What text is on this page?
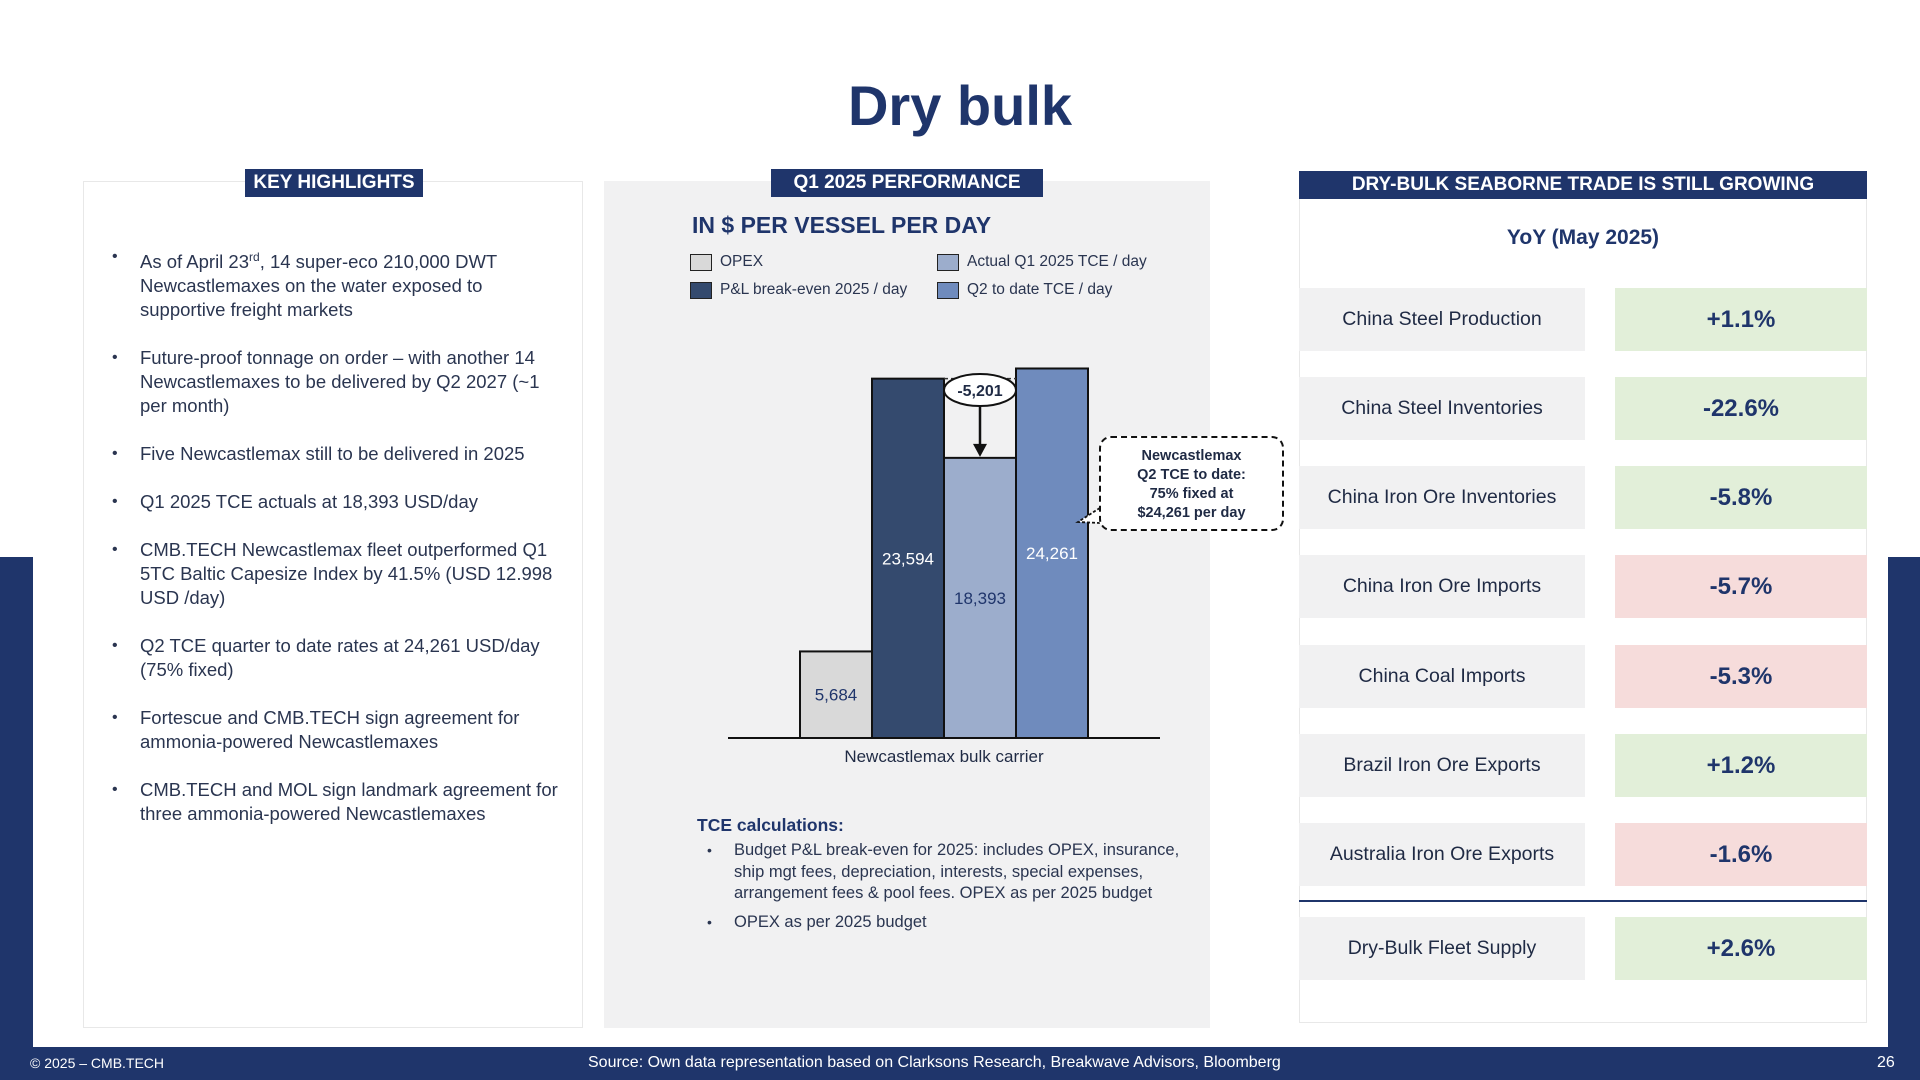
Dry bulk
KEY HIGHLIGHTS
• As of April 23rd, 14 super-eco 210,000 DWT Newcastlemaxes on the water exposed to supportive freight markets
• Future-proof tonnage on order – with another 14 Newcastlemaxes to be delivered by Q2 2027 (~1 per month)
• Five Newcastlemax still to be delivered in 2025
• Q1 2025 TCE actuals at 18,393 USD/day
• CMB.TECH Newcastlemax fleet outperformed Q1 5TC Baltic Capesize Index by 41.5% (USD 12.998 USD /day)
• Q2 TCE quarter to date rates at 24,261 USD/day (75% fixed)
• Fortescue and CMB.TECH sign agreement for ammonia-powered Newcastlemaxes
• CMB.TECH and MOL sign landmark agreement for three ammonia-powered Newcastlemaxes
Q1 2025 PERFORMANCE
IN $ PER VESSEL PER DAY
OPEX	Actual Q1 2025 TCE / day
P&L break-even 2025 / day	Q2 to date TCE / day
5,684
23,594
18,393
24,261
Newcastlemax bulk carrier
-5,201
Newcastlemax
Q2 TCE to date:
75% fixed at
$24,261 per day
TCE calculations:
• Budget P&L break-even for 2025: includes OPEX, insurance, ship mgt fees, depreciation, interests, special expenses, arrangement fees & pool fees. OPEX as per 2025 budget
• OPEX as per 2025 budget
DRY-BULK SEABORNE TRADE IS STILL GROWING
YoY (May 2025)
China Steel Production	+1.1%
China Steel Inventories	-22.6%
China Iron Ore Inventories	-5.8%
China Iron Ore Imports	-5.7%
China Coal Imports	-5.3%
Brazil Iron Ore Exports	+1.2%
Australia Iron Ore Exports	-1.6%
Dry-Bulk Fleet Supply	+2.6%
© 2025 – CMB.TECH	Source: Own data representation based on Clarksons Research, Breakwave Advisors, Bloomberg	26
